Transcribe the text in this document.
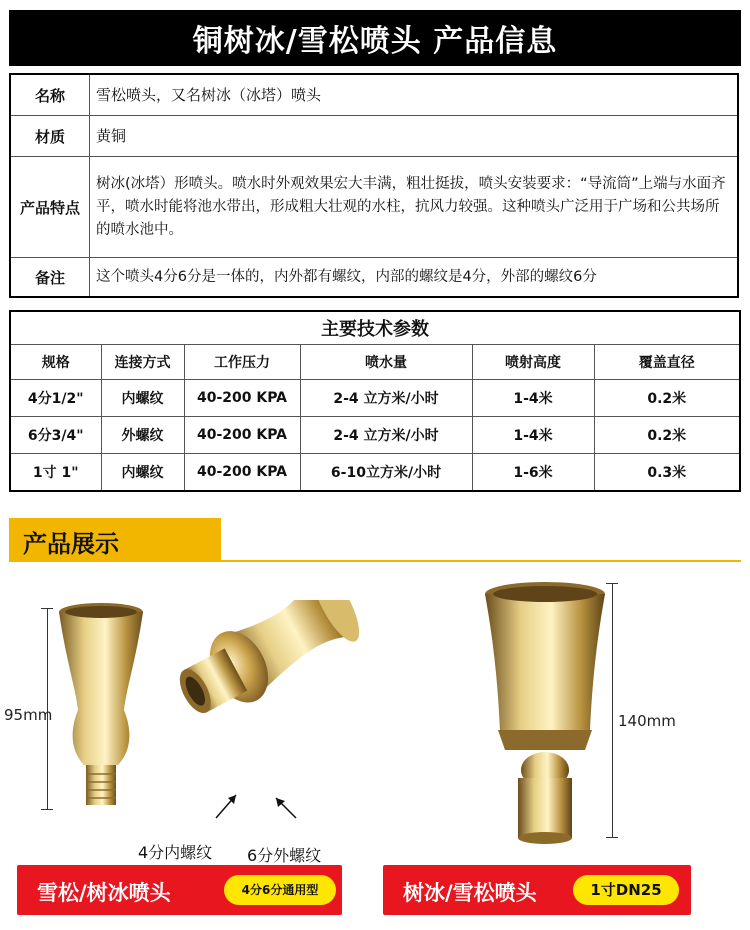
铜树冰/雪松喷头 产品信息
名称	雪松喷头，又名树冰（冰塔）喷头
材质	黄铜
产品特点	树冰(冰塔）形喷头。喷水时外观效果宏大丰满，粗壮挺拔，喷头安装要求：“导流筒”上端与水面齐平，喷水时能将池水带出，形成粗大壮观的水柱，抗风力较强。这种喷头广泛用于广场和公共场所的喷水池中。
备注	这个喷头4分6分是一体的，内外都有螺纹，内部的螺纹是4分，外部的螺纹6分
主要技术参数					
规格	连接方式	工作压力	喷水量	喷射高度	覆盖直径
4分1/2"	内螺纹	40-200 KPA	2-4 立方米/小时	1-4米	0.2米
6分3/4"	外螺纹	40-200 KPA	2-4 立方米/小时	1-4米	0.2米
1寸 1"	内螺纹	40-200 KPA	6-10立方米/小时	1-6米	0.3米
产品展示
95mm	140mm
4分内螺纹 6分外螺纹
雪松/树冰喷头	4分6分通用型	树冰/雪松喷头	1寸DN25
